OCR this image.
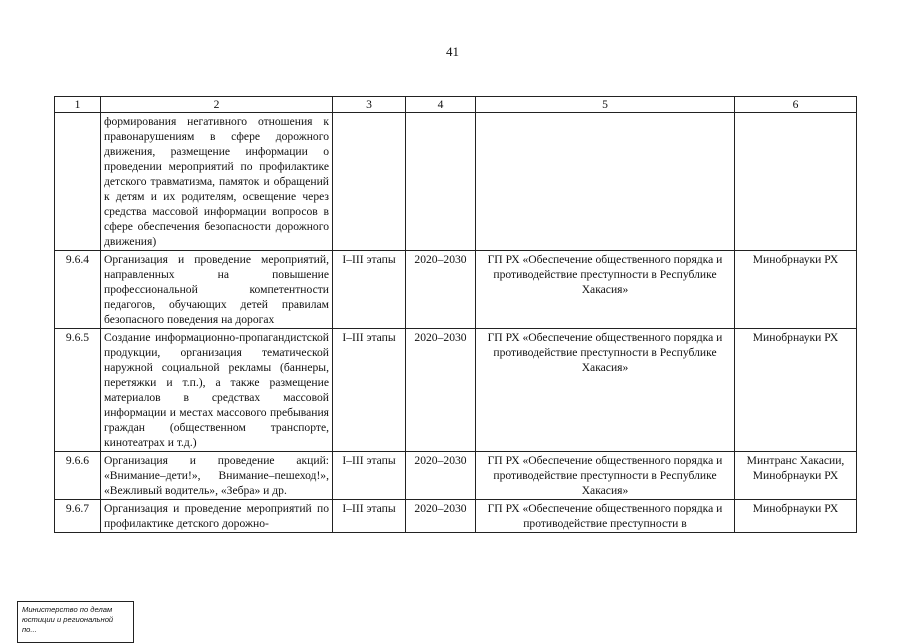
41
1	2	3	4	5	6
	формирования негативного отношения к правонарушениям в сфере дорожного движения, размещение информации о проведении мероприятий по профилактике детского травматизма, памяток и обращений к детям и их родителям, освещение через средства массовой информации вопросов в сфере обеспечения безопасности дорожного движения)				
9.6.4	Организация и проведение мероприятий, направленных на повышение профессиональной компетентности педагогов, обучающих детей правилам безопасного поведения на дорогах	I–III этапы	2020–2030	ГП РХ «Обеспечение общественного порядка и противодействие преступности в Республике Хакасия»	Минобрнауки РХ
9.6.5	Создание информационно-пропагандистской продукции, организация тематической наружной социальной рекламы (баннеры, перетяжки и т.п.), а также размещение материалов в средствах массовой информации и местах массового пребывания граждан (общественном транспорте, кинотеатрах и т.д.)	I–III этапы	2020–2030	ГП РХ «Обеспечение общественного порядка и противодействие преступности в Республике Хакасия»	Минобрнауки РХ
9.6.6	Организация и проведение акций: «Внимание–дети!», Внимание–пешеход!», «Вежливый водитель», «Зебра» и др.	I–III этапы	2020–2030	ГП РХ «Обеспечение общественного порядка и противодействие преступности в Республике Хакасия»	Минтранс Хакасии, Минобрнауки РХ
9.6.7	Организация и проведение мероприятий по профилактике детского дорожно-	I–III этапы	2020–2030	ГП РХ «Обеспечение общественного порядка и противодействие преступности в	Минобрнауки РХ
Министерство по делам
юстиции и региональной
по...
